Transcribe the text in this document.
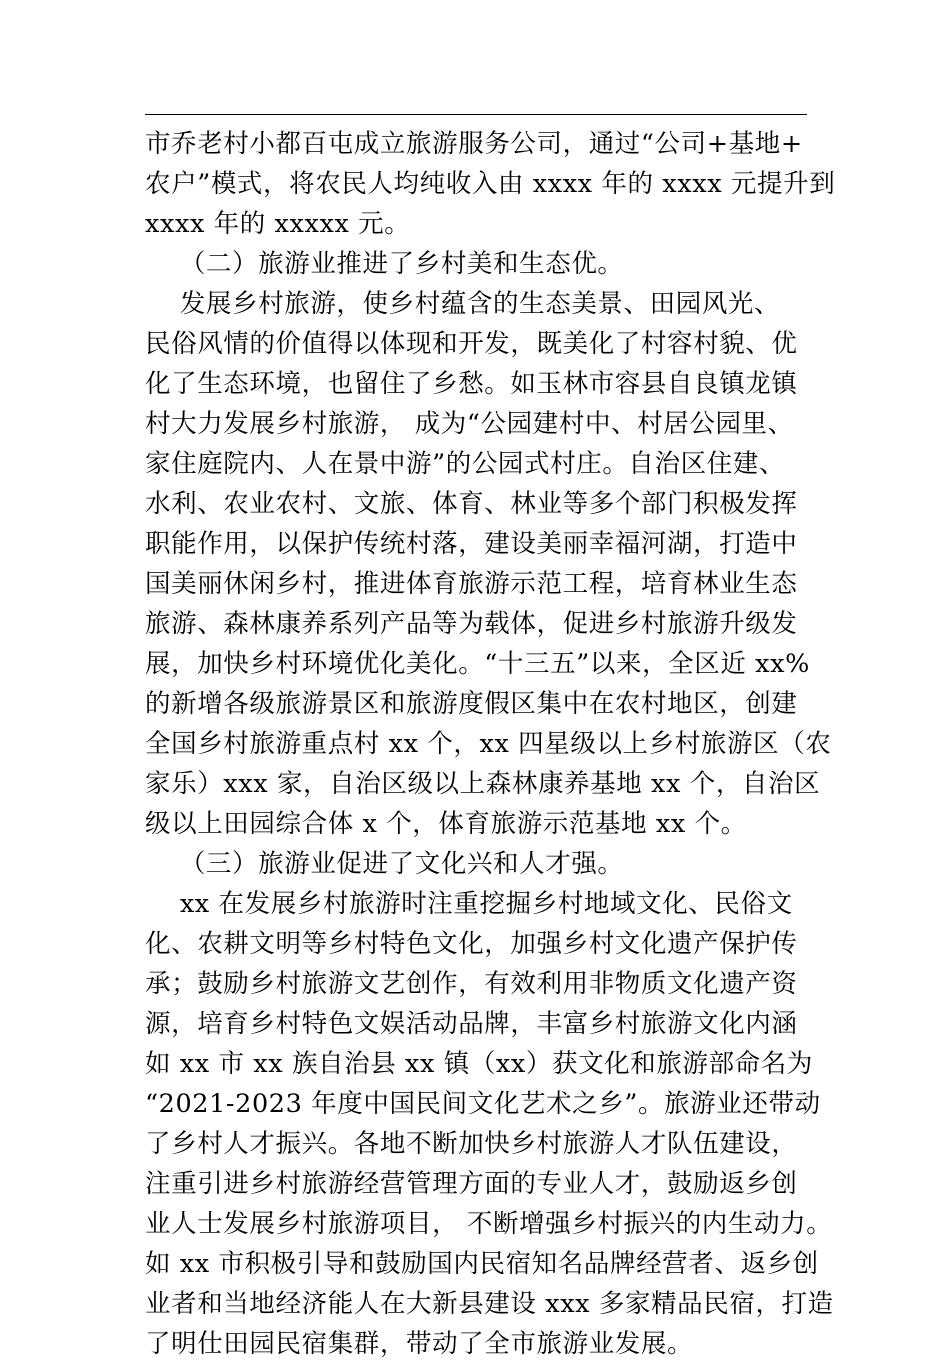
市乔老村小都百屯成立旅游服务公司，通过“公司+基地+
农户”模式，将农民人均纯收入由 xxxx 年的 xxxx 元提升到
xxxx 年的 xxxxx 元。
（二）旅游业推进了乡村美和生态优。
发展乡村旅游，使乡村蕴含的生态美景、田园风光、
民俗风情的价值得以体现和开发，既美化了村容村貌、优
化了生态环境，也留住了乡愁。如玉林市容县自良镇龙镇
村大力发展乡村旅游， 成为“公园建村中、村居公园里、
家住庭院内、人在景中游”的公园式村庄。自治区住建、
水利、农业农村、文旅、体育、林业等多个部门积极发挥
职能作用，以保护传统村落，建设美丽幸福河湖，打造中
国美丽休闲乡村，推进体育旅游示范工程，培育林业生态
旅游、森林康养系列产品等为载体，促进乡村旅游升级发
展，加快乡村环境优化美化。“十三五”以来，全区近 xx%
的新增各级旅游景区和旅游度假区集中在农村地区，创建
全国乡村旅游重点村 xx 个，xx 四星级以上乡村旅游区（农
家乐）xxx 家，自治区级以上森林康养基地 xx 个，自治区
级以上田园综合体 x 个，体育旅游示范基地 xx 个。
（三）旅游业促进了文化兴和人才强。
xx 在发展乡村旅游时注重挖掘乡村地域文化、民俗文
化、农耕文明等乡村特色文化，加强乡村文化遗产保护传
承；鼓励乡村旅游文艺创作，有效利用非物质文化遗产资
源，培育乡村特色文娱活动品牌，丰富乡村旅游文化内涵
如 xx 市 xx 族自治县 xx 镇（xx）获文化和旅游部命名为
“2021-2023 年度中国民间文化艺术之乡”。旅游业还带动
了乡村人才振兴。各地不断加快乡村旅游人才队伍建设，
注重引进乡村旅游经营管理方面的专业人才，鼓励返乡创
业人士发展乡村旅游项目， 不断增强乡村振兴的内生动力。
如 xx 市积极引导和鼓励国内民宿知名品牌经营者、返乡创
业者和当地经济能人在大新县建设 xxx 多家精品民宿，打造
了明仕田园民宿集群，带动了全市旅游业发展。
